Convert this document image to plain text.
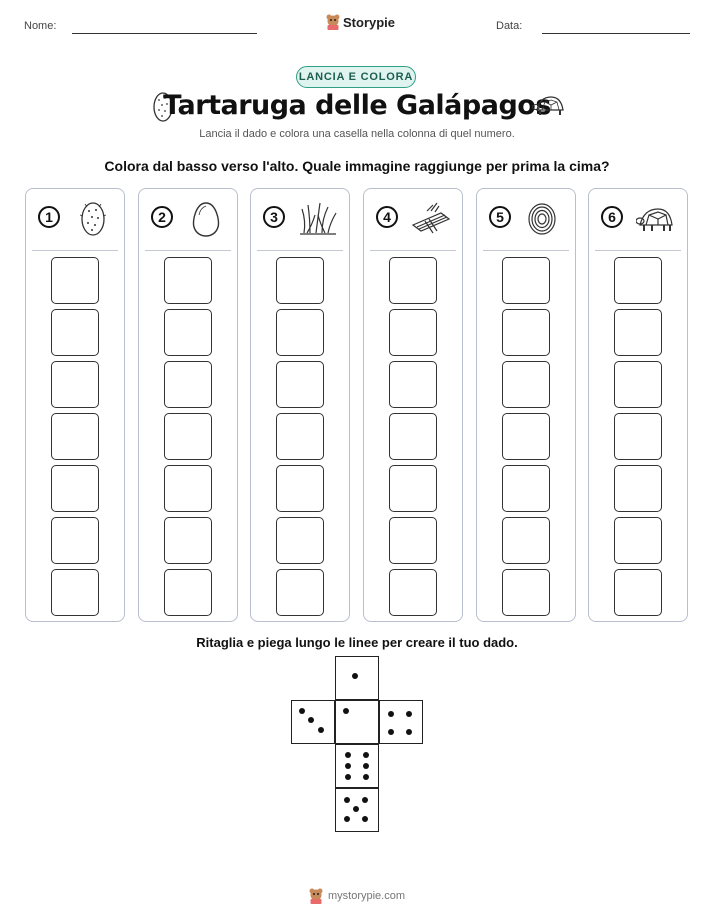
Nome:	Storypie	Data:
LANCIA E COLORA
Tartaruga delle Galápagos
Lancia il dado e colora una casella nella colonna di quel numero.
Colora dal basso verso l'alto. Quale immagine raggiunge per prima la cima?
1	2	3	4	5	6
Ritaglia e piega lungo le linee per creare il tuo dado.
mystorypie.com
